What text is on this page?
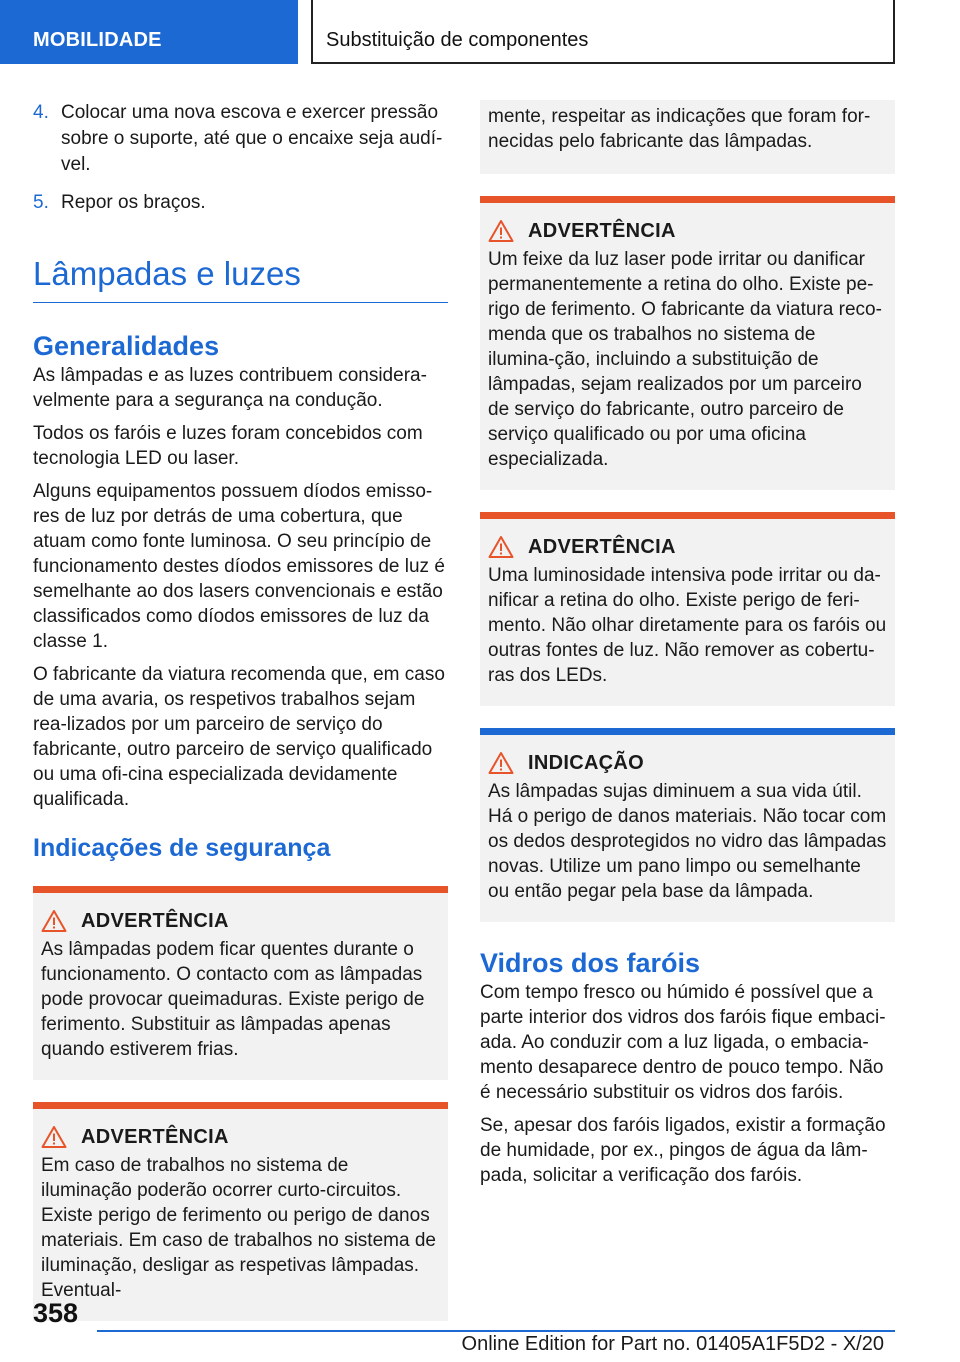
MOBILIDADE	Substituição de componentes
4. Colocar uma nova escova e exercer pressão sobre o suporte, até que o encaixe seja audí‐vel.
5. Repor os braços.
Lâmpadas e luzes
Generalidades

As lâmpadas e as luzes contribuem considera‐velmente para a segurança na condução.

Todos os faróis e luzes foram concebidos com tecnologia LED ou laser.

Alguns equipamentos possuem díodos emisso‐res de luz por detrás de uma cobertura, que atuam como fonte luminosa. O seu princípio de funcionamento destes díodos emissores de luz é semelhante ao dos lasers convencionais e estão classificados como díodos emissores de luz da classe 1.

O fabricante da viatura recomenda que, em caso de uma avaria, os respetivos trabalhos sejam rea‐lizados por um parceiro de serviço do fabricante, outro parceiro de serviço qualificado ou uma ofi‐cina especializada devidamente qualificada.

Indicações de segurança
ADVERTÊNCIA

As lâmpadas podem ficar quentes durante o funcionamento. O contacto com as lâmpadas pode provocar queimaduras. Existe perigo de ferimento. Substituir as lâmpadas apenas quando estiverem frias.

ADVERTÊNCIA

Em caso de trabalhos no sistema de iluminação poderão ocorrer curto-circuitos. Existe perigo de ferimento ou perigo de danos materiais. Em caso de trabalhos no sistema de iluminação, desligar as respetivas lâmpadas. Eventual‐

mente, respeitar as indicações que foram for‐necidas pelo fabricante das lâmpadas.

ADVERTÊNCIA

Um feixe da luz laser pode irritar ou danificar permanentemente a retina do olho. Existe pe‐rigo de ferimento. O fabricante da viatura reco‐menda que os trabalhos no sistema de ilumina‐ção, incluindo a substituição de lâmpadas, sejam realizados por um parceiro de serviço do fabricante, outro parceiro de serviço qualificado ou por uma oficina especializada.

ADVERTÊNCIA

Uma luminosidade intensiva pode irritar ou da‐nificar a retina do olho. Existe perigo de feri‐mento. Não olhar diretamente para os faróis ou outras fontes de luz. Não remover as cobertu‐ras dos LEDs.

INDICAÇÃO

As lâmpadas sujas diminuem a sua vida útil. Há o perigo de danos materiais. Não tocar com os dedos desprotegidos no vidro das lâmpadas novas. Utilize um pano limpo ou semelhante ou então pegar pela base da lâmpada.

Vidros dos faróis

Com tempo fresco ou húmido é possível que a parte interior dos vidros dos faróis fique embaci‐ada. Ao conduzir com a luz ligada, o embacia‐mento desaparece dentro de pouco tempo. Não é necessário substituir os vidros dos faróis.

Se, apesar dos faróis ligados, existir a formação de humidade, por ex., pingos de água da lâm‐pada, solicitar a verificação dos faróis.

358
Online Edition for Part no. 01405A1F5D2 - X/20
